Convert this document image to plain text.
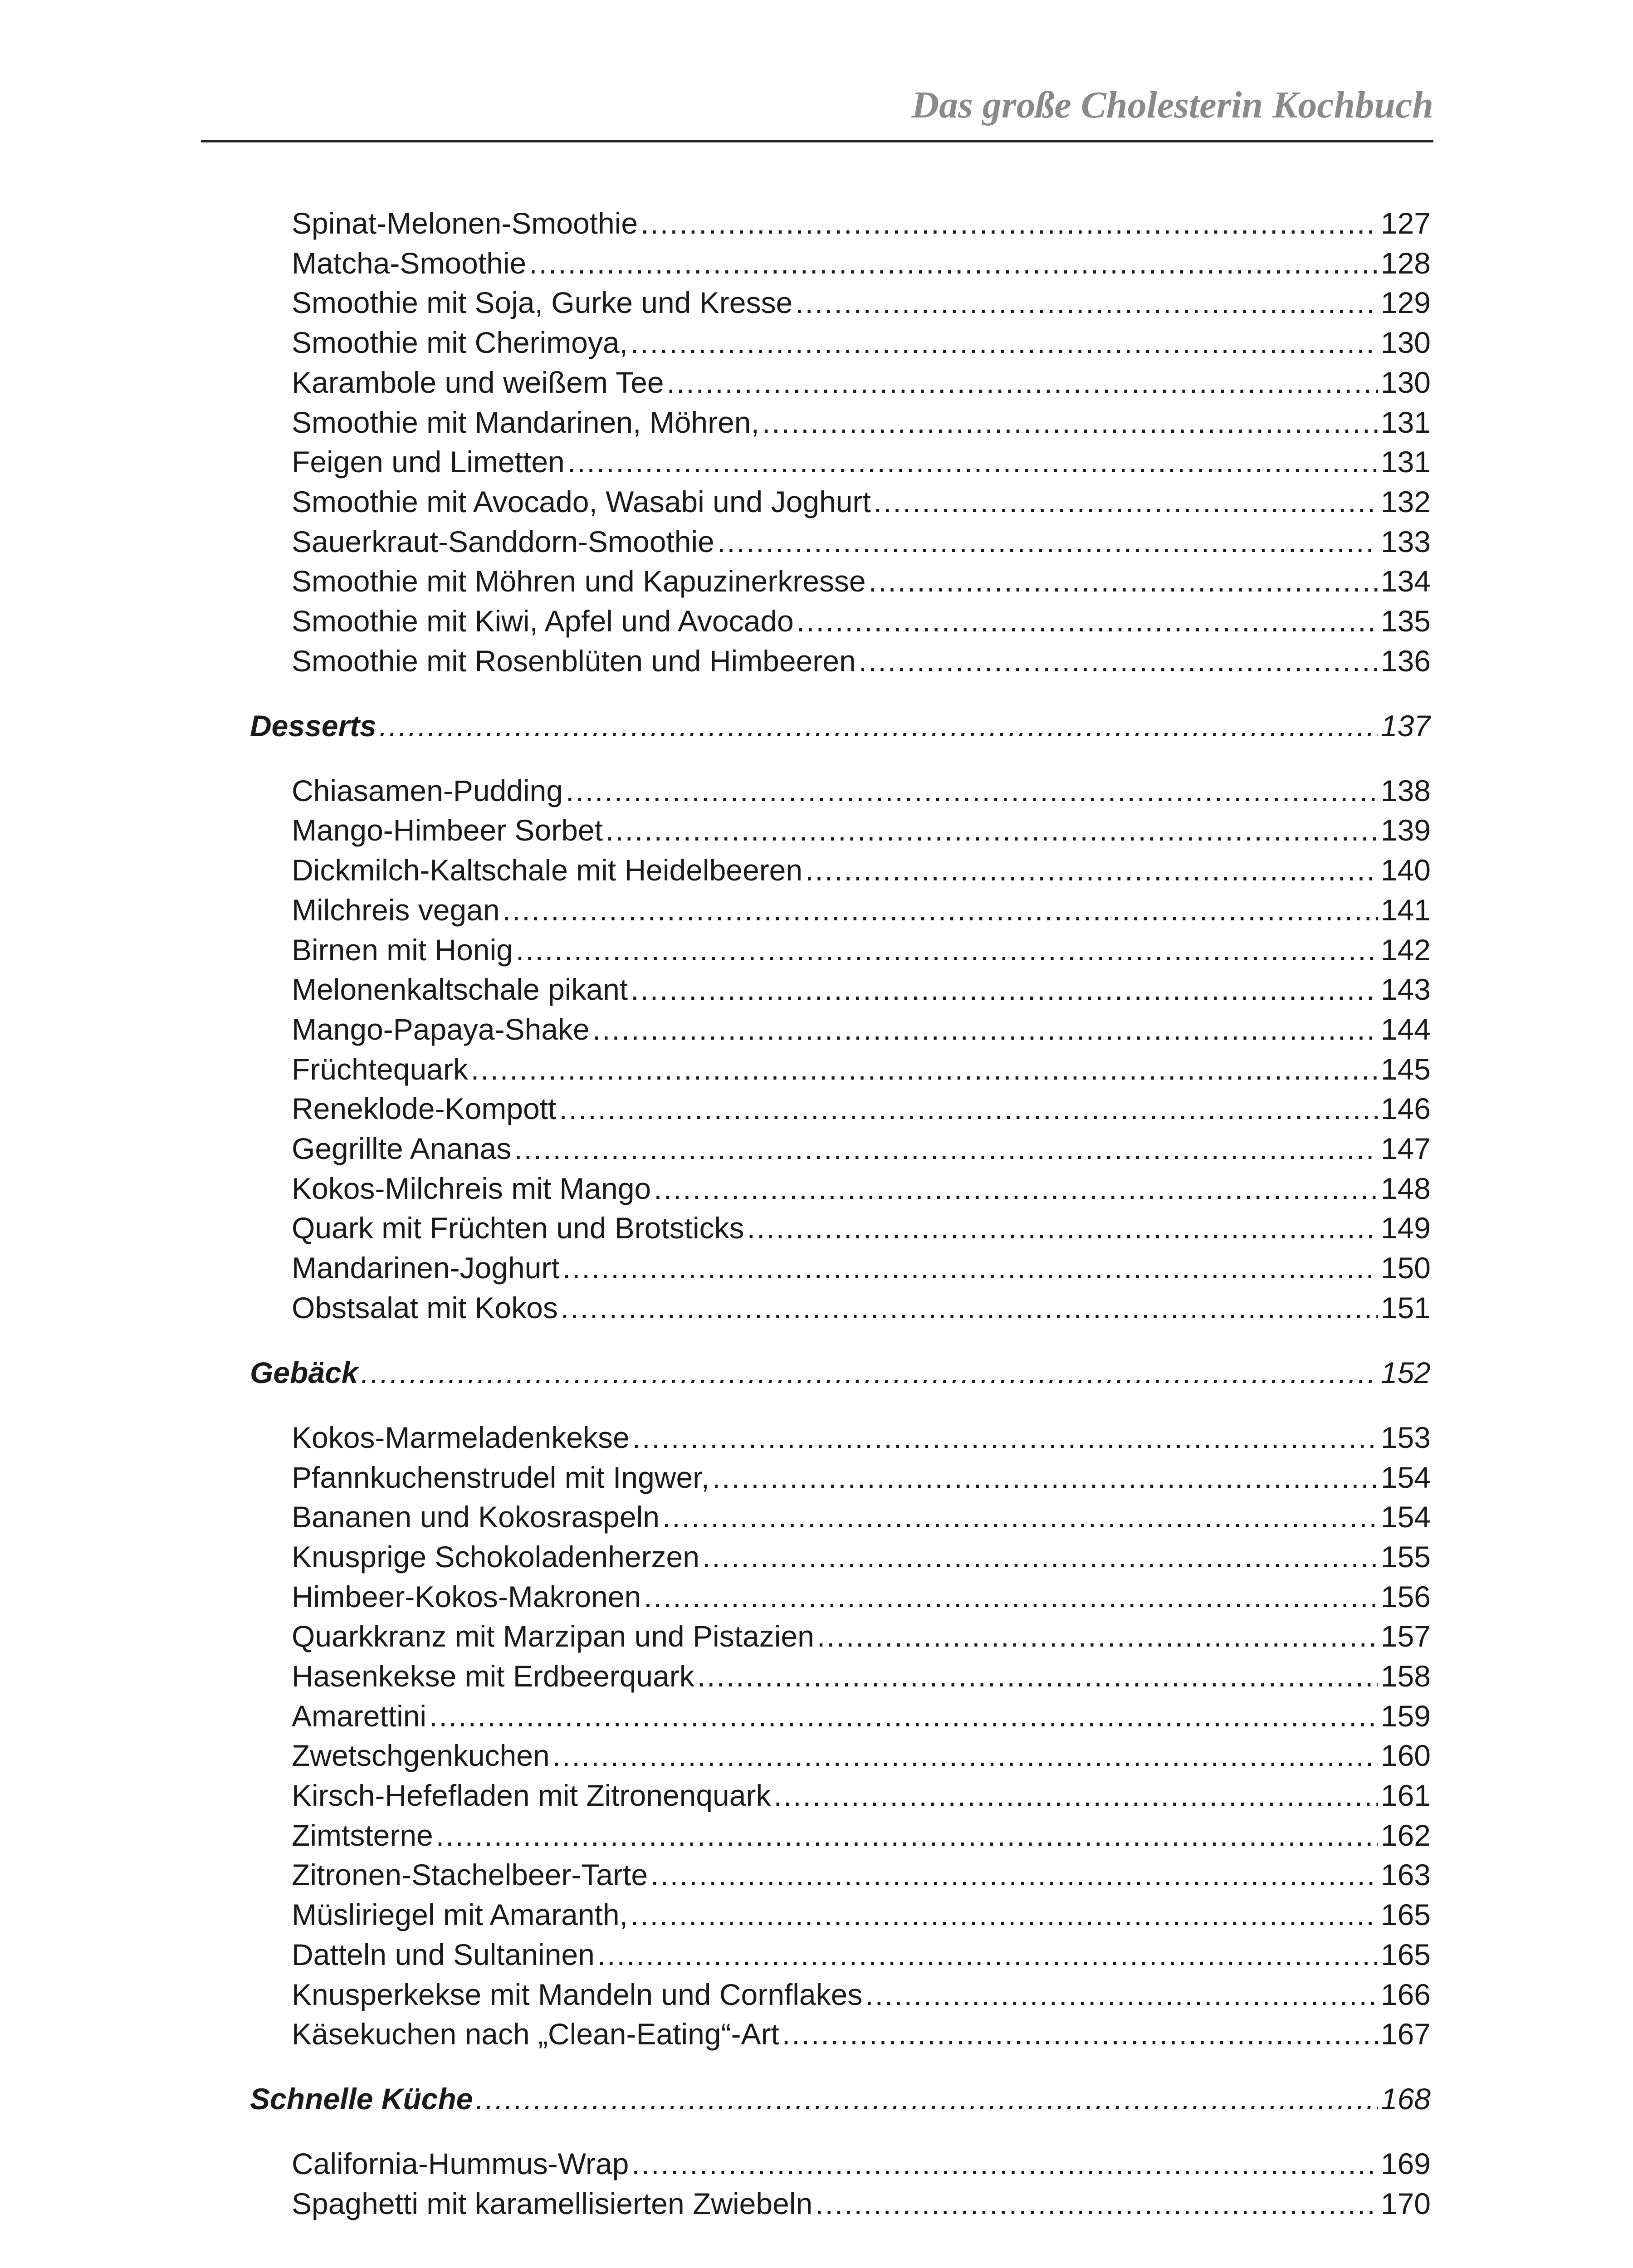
Das große Cholesterin Kochbuch
Spinat-Melonen-Smoothie .....	127
Matcha-Smoothie .....	128
Smoothie mit Soja, Gurke und Kresse .....	129
Smoothie mit Cherimoya, .....	130
Karambole und weißem Tee .....	130
Smoothie mit Mandarinen, Möhren, .....	131
Feigen und Limetten .....	131
Smoothie mit Avocado, Wasabi und Joghurt .....	132
Sauerkraut-Sanddorn-Smoothie .....	133
Smoothie mit Möhren und Kapuzinerkresse .....	134
Smoothie mit Kiwi, Apfel und Avocado .....	135
Smoothie mit Rosenblüten und Himbeeren .....	136
Desserts .....	137
Chiasamen-Pudding .....	138
Mango-Himbeer Sorbet .....	139
Dickmilch-Kaltschale mit Heidelbeeren .....	140
Milchreis vegan .....	141
Birnen mit Honig .....	142
Melonenkaltschale pikant .....	143
Mango-Papaya-Shake .....	144
Früchtequark .....	145
Reneklode-Kompott .....	146
Gegrillte Ananas .....	147
Kokos-Milchreis mit Mango .....	148
Quark mit Früchten und Brotsticks .....	149
Mandarinen-Joghurt .....	150
Obstsalat mit Kokos .....	151
Gebäck .....	152
Kokos-Marmeladenkekse .....	153
Pfannkuchenstrudel mit Ingwer, .....	154
Bananen und Kokosraspeln .....	154
Knusprige Schokoladenherzen .....	155
Himbeer-Kokos-Makronen .....	156
Quarkkranz mit Marzipan und Pistazien .....	157
Hasenkekse mit Erdbeerquark .....	158
Amarettini .....	159
Zwetschgenkuchen .....	160
Kirsch-Hefefladen mit Zitronenquark .....	161
Zimtsterne .....	162
Zitronen-Stachelbeer-Tarte .....	163
Müsliriegel mit Amaranth, .....	165
Datteln und Sultaninen .....	165
Knusperkekse mit Mandeln und Cornflakes .....	166
Käsekuchen nach „Clean-Eating“-Art .....	167
Schnelle Küche .....	168
California-Hummus-Wrap .....	169
Spaghetti mit karamellisierten Zwiebeln .....	170
